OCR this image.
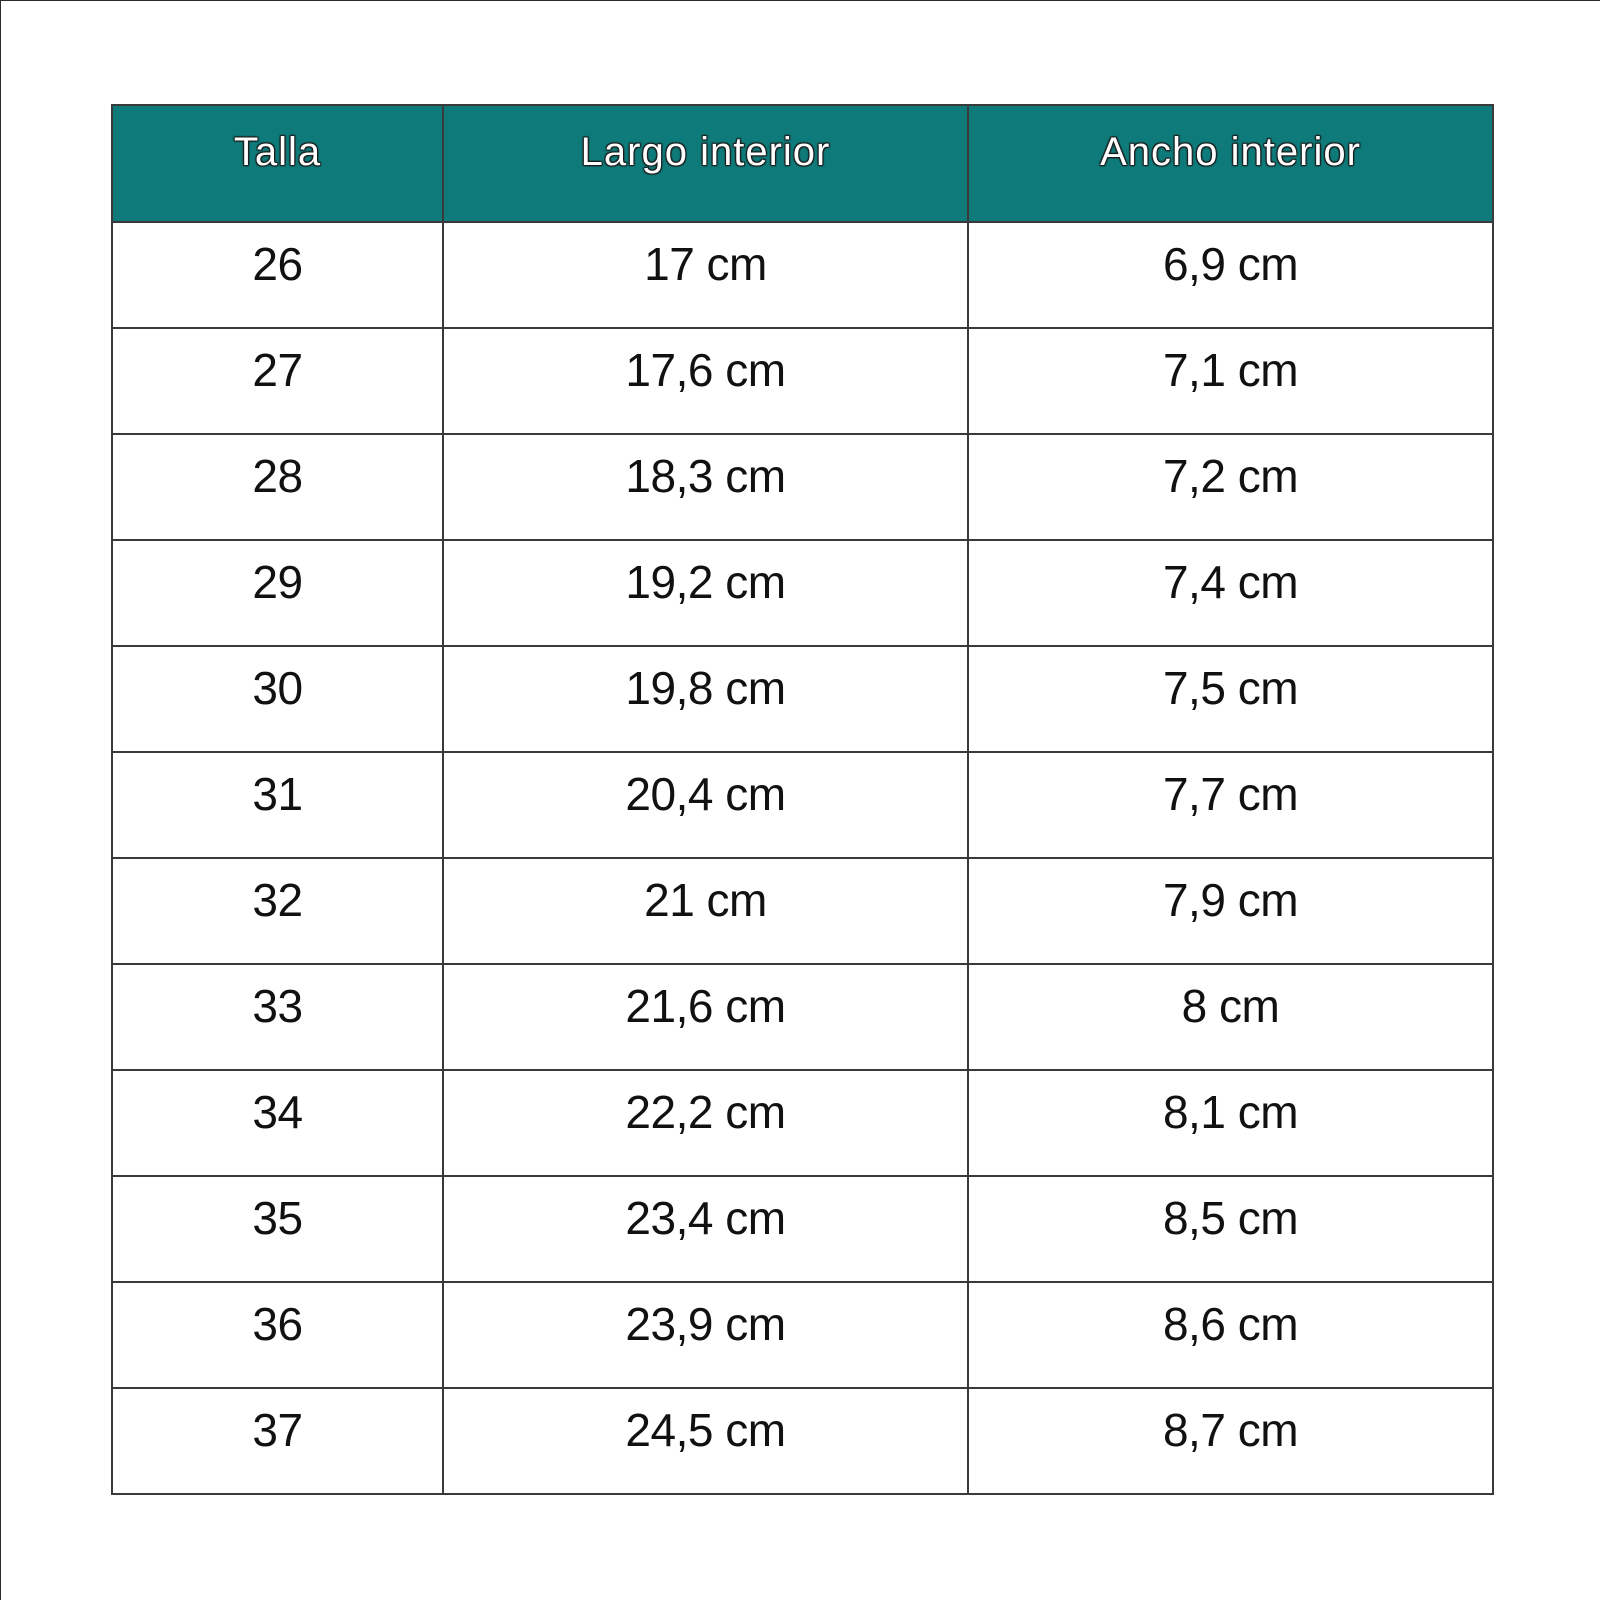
Talla	Largo interior	Ancho interior
26	17 cm	6,9 cm
27	17,6 cm	7,1 cm
28	18,3 cm	7,2 cm
29	19,2 cm	7,4 cm
30	19,8 cm	7,5 cm
31	20,4 cm	7,7 cm
32	21 cm	7,9 cm
33	21,6 cm	8 cm
34	22,2 cm	8,1 cm
35	23,4 cm	8,5 cm
36	23,9 cm	8,6 cm
37	24,5 cm	8,7 cm
